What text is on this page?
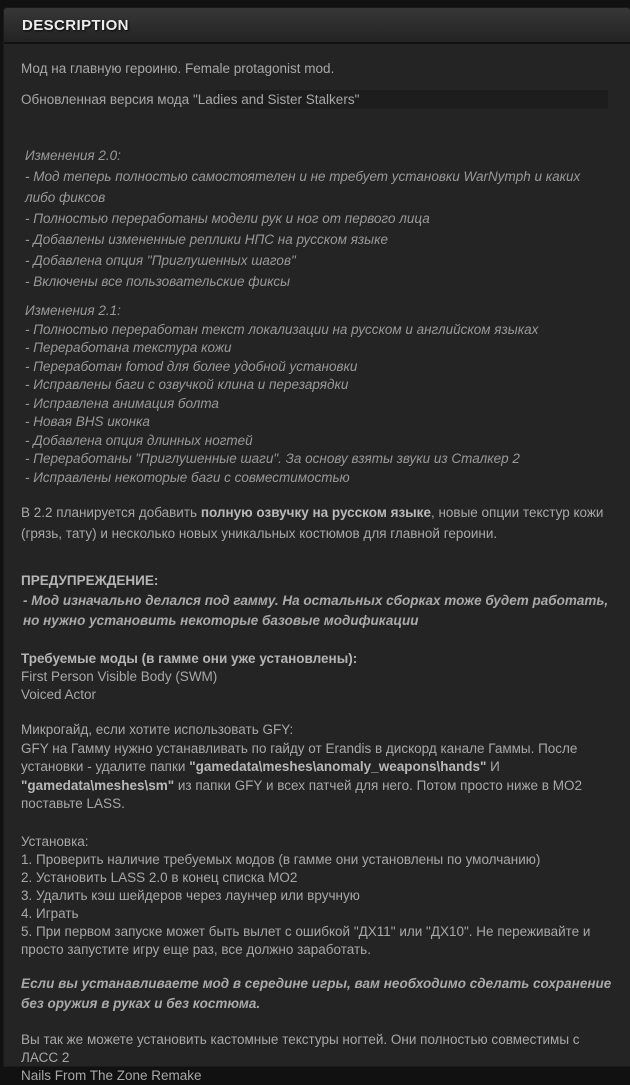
DESCRIPTION

Мод на главную героиню. Female protagonist mod.

Обновленная версия мода "Ladies and Sister Stalkers"

Изменения 2.0:
- Мод теперь полностью самостоятелен и не требует установки WarNymph и каких либо фиксов
- Полностью переработаны модели рук и ног от первого лица
- Добавлены измененные реплики НПС на русском языке
- Добавлена опция "Приглушенных шагов"
- Включены все пользовательские фиксы
Изменения 2.1:
- Полностью переработан текст локализации на русском и английском языках
- Переработана текстура кожи
- Переработан fomod для более удобной установки
- Исправлены баги с озвучкой клина и перезарядки
- Исправлена анимация болта
- Новая BHS иконка
- Добавлена опция длинных ногтей
- Переработаны "Приглушенные шаги". За основу взяты звуки из Сталкер 2
- Исправлены некоторые баги с совместимостью

В 2.2 планируется добавить полную озвучку на русском языке, новые опции текстур кожи (грязь, тату) и несколько новых уникальных костюмов для главной героини.

ПРЕДУПРЕЖДЕНИЕ:
- Мод изначально делался под гамму. На остальных сборках тоже будет работать, но нужно установить некоторые базовые модификации
Требуемые моды (в гамме они уже установлены):
First Person Visible Body (SWM)
Voiced Actor
Микрогайд, если хотите использовать GFY:
GFY на Гамму нужно устанавливать по гайду от Erandis в дискорд канале Гаммы. После установки - удалите папки "gamedata\meshes\anomaly_weapons\hands" И "gamedata\meshes\sm" из папки GFY и всех патчей для него. Потом просто ниже в МО2 поставьте LASS.
Установка:

1. Проверить наличие требуемых модов (в гамме они установлены по умолчанию)

2. Установить LASS 2.0 в конец списка МО2

3. Удалить кэш шейдеров через лаунчер или вручную

4. Играть

5. При первом запуске может быть вылет с ошибкой "ДХ11" или "ДХ10". Не переживайте и просто запустите игру еще раз, все должно заработать.

Если вы устанавливаете мод в середине игры, вам необходимо сделать сохранение без оружия в руках и без костюма.

Вы так же можете установить кастомные текстуры ногтей. Они полностью совместимы с ЛАСС 2
Nails From The Zone Remake
